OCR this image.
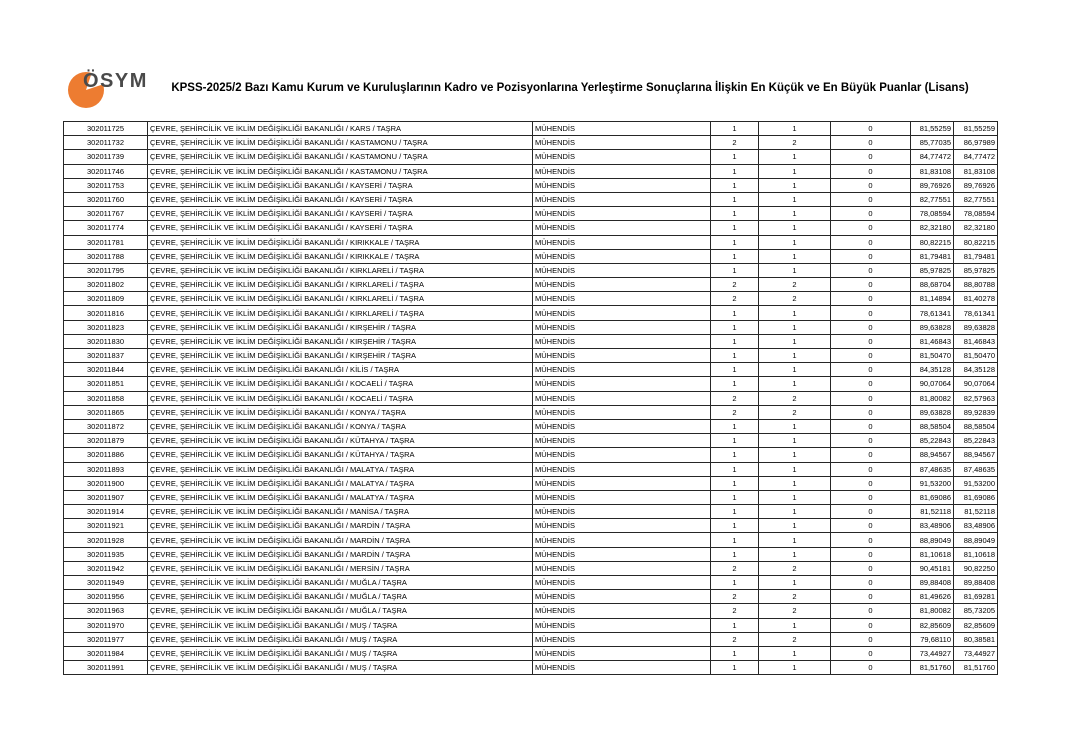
ÖSYM	KPSS-2025/2 Bazı Kamu Kurum ve Kuruluşlarının Kadro ve Pozisyonlarına Yerleştirme Sonuçlarına İlişkin En Küçük ve En Büyük Puanlar (Lisans)
302011725	ÇEVRE, ŞEHİRCİLİK VE İKLİM DEĞİŞİKLİĞİ BAKANLIĞI / KARS / TAŞRA	MÜHENDİS	1	1	0	81,55259	81,55259
302011732	ÇEVRE, ŞEHİRCİLİK VE İKLİM DEĞİŞİKLİĞİ BAKANLIĞI / KASTAMONU / TAŞRA	MÜHENDİS	2	2	0	85,77035	86,97989
302011739	ÇEVRE, ŞEHİRCİLİK VE İKLİM DEĞİŞİKLİĞİ BAKANLIĞI / KASTAMONU / TAŞRA	MÜHENDİS	1	1	0	84,77472	84,77472
302011746	ÇEVRE, ŞEHİRCİLİK VE İKLİM DEĞİŞİKLİĞİ BAKANLIĞI / KASTAMONU / TAŞRA	MÜHENDİS	1	1	0	81,83108	81,83108
302011753	ÇEVRE, ŞEHİRCİLİK VE İKLİM DEĞİŞİKLİĞİ BAKANLIĞI / KAYSERİ / TAŞRA	MÜHENDİS	1	1	0	89,76926	89,76926
302011760	ÇEVRE, ŞEHİRCİLİK VE İKLİM DEĞİŞİKLİĞİ BAKANLIĞI / KAYSERİ / TAŞRA	MÜHENDİS	1	1	0	82,77551	82,77551
302011767	ÇEVRE, ŞEHİRCİLİK VE İKLİM DEĞİŞİKLİĞİ BAKANLIĞI / KAYSERİ / TAŞRA	MÜHENDİS	1	1	0	78,08594	78,08594
302011774	ÇEVRE, ŞEHİRCİLİK VE İKLİM DEĞİŞİKLİĞİ BAKANLIĞI / KAYSERİ / TAŞRA	MÜHENDİS	1	1	0	82,32180	82,32180
302011781	ÇEVRE, ŞEHİRCİLİK VE İKLİM DEĞİŞİKLİĞİ BAKANLIĞI / KIRIKKALE / TAŞRA	MÜHENDİS	1	1	0	80,82215	80,82215
302011788	ÇEVRE, ŞEHİRCİLİK VE İKLİM DEĞİŞİKLİĞİ BAKANLIĞI / KIRIKKALE / TAŞRA	MÜHENDİS	1	1	0	81,79481	81,79481
302011795	ÇEVRE, ŞEHİRCİLİK VE İKLİM DEĞİŞİKLİĞİ BAKANLIĞI / KIRKLARELİ / TAŞRA	MÜHENDİS	1	1	0	85,97825	85,97825
302011802	ÇEVRE, ŞEHİRCİLİK VE İKLİM DEĞİŞİKLİĞİ BAKANLIĞI / KIRKLARELİ / TAŞRA	MÜHENDİS	2	2	0	88,68704	88,80788
302011809	ÇEVRE, ŞEHİRCİLİK VE İKLİM DEĞİŞİKLİĞİ BAKANLIĞI / KIRKLARELİ / TAŞRA	MÜHENDİS	2	2	0	81,14894	81,40278
302011816	ÇEVRE, ŞEHİRCİLİK VE İKLİM DEĞİŞİKLİĞİ BAKANLIĞI / KIRKLARELİ / TAŞRA	MÜHENDİS	1	1	0	78,61341	78,61341
302011823	ÇEVRE, ŞEHİRCİLİK VE İKLİM DEĞİŞİKLİĞİ BAKANLIĞI / KIRŞEHİR / TAŞRA	MÜHENDİS	1	1	0	89,63828	89,63828
302011830	ÇEVRE, ŞEHİRCİLİK VE İKLİM DEĞİŞİKLİĞİ BAKANLIĞI / KIRŞEHİR / TAŞRA	MÜHENDİS	1	1	0	81,46843	81,46843
302011837	ÇEVRE, ŞEHİRCİLİK VE İKLİM DEĞİŞİKLİĞİ BAKANLIĞI / KIRŞEHİR / TAŞRA	MÜHENDİS	1	1	0	81,50470	81,50470
302011844	ÇEVRE, ŞEHİRCİLİK VE İKLİM DEĞİŞİKLİĞİ BAKANLIĞI / KİLİS / TAŞRA	MÜHENDİS	1	1	0	84,35128	84,35128
302011851	ÇEVRE, ŞEHİRCİLİK VE İKLİM DEĞİŞİKLİĞİ BAKANLIĞI / KOCAELİ / TAŞRA	MÜHENDİS	1	1	0	90,07064	90,07064
302011858	ÇEVRE, ŞEHİRCİLİK VE İKLİM DEĞİŞİKLİĞİ BAKANLIĞI / KOCAELİ / TAŞRA	MÜHENDİS	2	2	0	81,80082	82,57963
302011865	ÇEVRE, ŞEHİRCİLİK VE İKLİM DEĞİŞİKLİĞİ BAKANLIĞI / KONYA / TAŞRA	MÜHENDİS	2	2	0	89,63828	89,92839
302011872	ÇEVRE, ŞEHİRCİLİK VE İKLİM DEĞİŞİKLİĞİ BAKANLIĞI / KONYA / TAŞRA	MÜHENDİS	1	1	0	88,58504	88,58504
302011879	ÇEVRE, ŞEHİRCİLİK VE İKLİM DEĞİŞİKLİĞİ BAKANLIĞI / KÜTAHYA / TAŞRA	MÜHENDİS	1	1	0	85,22843	85,22843
302011886	ÇEVRE, ŞEHİRCİLİK VE İKLİM DEĞİŞİKLİĞİ BAKANLIĞI / KÜTAHYA / TAŞRA	MÜHENDİS	1	1	0	88,94567	88,94567
302011893	ÇEVRE, ŞEHİRCİLİK VE İKLİM DEĞİŞİKLİĞİ BAKANLIĞI / MALATYA / TAŞRA	MÜHENDİS	1	1	0	87,48635	87,48635
302011900	ÇEVRE, ŞEHİRCİLİK VE İKLİM DEĞİŞİKLİĞİ BAKANLIĞI / MALATYA / TAŞRA	MÜHENDİS	1	1	0	91,53200	91,53200
302011907	ÇEVRE, ŞEHİRCİLİK VE İKLİM DEĞİŞİKLİĞİ BAKANLIĞI / MALATYA / TAŞRA	MÜHENDİS	1	1	0	81,69086	81,69086
302011914	ÇEVRE, ŞEHİRCİLİK VE İKLİM DEĞİŞİKLİĞİ BAKANLIĞI / MANİSA / TAŞRA	MÜHENDİS	1	1	0	81,52118	81,52118
302011921	ÇEVRE, ŞEHİRCİLİK VE İKLİM DEĞİŞİKLİĞİ BAKANLIĞI / MARDİN / TAŞRA	MÜHENDİS	1	1	0	83,48906	83,48906
302011928	ÇEVRE, ŞEHİRCİLİK VE İKLİM DEĞİŞİKLİĞİ BAKANLIĞI / MARDİN / TAŞRA	MÜHENDİS	1	1	0	88,89049	88,89049
302011935	ÇEVRE, ŞEHİRCİLİK VE İKLİM DEĞİŞİKLİĞİ BAKANLIĞI / MARDİN / TAŞRA	MÜHENDİS	1	1	0	81,10618	81,10618
302011942	ÇEVRE, ŞEHİRCİLİK VE İKLİM DEĞİŞİKLİĞİ BAKANLIĞI / MERSİN / TAŞRA	MÜHENDİS	2	2	0	90,45181	90,82250
302011949	ÇEVRE, ŞEHİRCİLİK VE İKLİM DEĞİŞİKLİĞİ BAKANLIĞI / MUĞLA / TAŞRA	MÜHENDİS	1	1	0	89,88408	89,88408
302011956	ÇEVRE, ŞEHİRCİLİK VE İKLİM DEĞİŞİKLİĞİ BAKANLIĞI / MUĞLA / TAŞRA	MÜHENDİS	2	2	0	81,49626	81,69281
302011963	ÇEVRE, ŞEHİRCİLİK VE İKLİM DEĞİŞİKLİĞİ BAKANLIĞI / MUĞLA / TAŞRA	MÜHENDİS	2	2	0	81,80082	85,73205
302011970	ÇEVRE, ŞEHİRCİLİK VE İKLİM DEĞİŞİKLİĞİ BAKANLIĞI / MUŞ / TAŞRA	MÜHENDİS	1	1	0	82,85609	82,85609
302011977	ÇEVRE, ŞEHİRCİLİK VE İKLİM DEĞİŞİKLİĞİ BAKANLIĞI / MUŞ / TAŞRA	MÜHENDİS	2	2	0	79,68110	80,38581
302011984	ÇEVRE, ŞEHİRCİLİK VE İKLİM DEĞİŞİKLİĞİ BAKANLIĞI / MUŞ / TAŞRA	MÜHENDİS	1	1	0	73,44927	73,44927
302011991	ÇEVRE, ŞEHİRCİLİK VE İKLİM DEĞİŞİKLİĞİ BAKANLIĞI / MUŞ / TAŞRA	MÜHENDİS	1	1	0	81,51760	81,51760
